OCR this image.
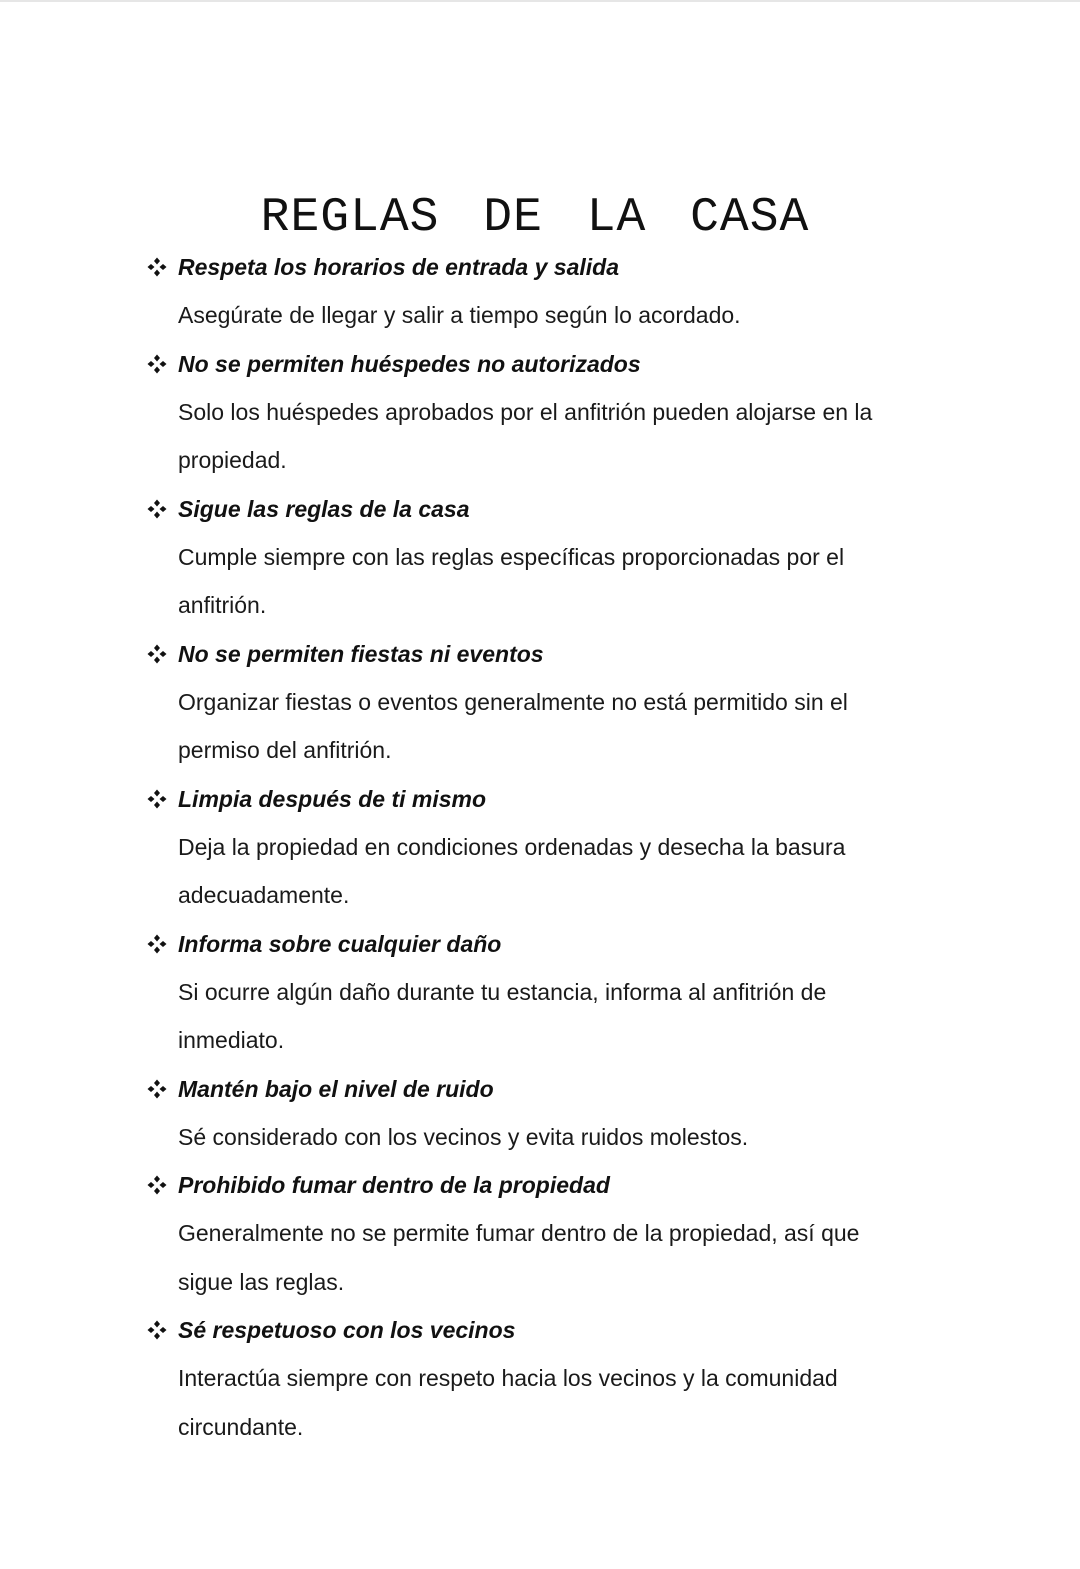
REGLAS DE LA CASA
Respeta los horarios de entrada y salida

Asegúrate de llegar y salir a tiempo según lo acordado.

No se permiten huéspedes no autorizados

Solo los huéspedes aprobados por el anfitrión pueden alojarse en la propiedad.

Sigue las reglas de la casa

Cumple siempre con las reglas específicas proporcionadas por el anfitrión.

No se permiten fiestas ni eventos

Organizar fiestas o eventos generalmente no está permitido sin el permiso del anfitrión.

Limpia después de ti mismo

Deja la propiedad en condiciones ordenadas y desecha la basura adecuadamente.

Informa sobre cualquier daño

Si ocurre algún daño durante tu estancia, informa al anfitrión de inmediato.

Mantén bajo el nivel de ruido

Sé considerado con los vecinos y evita ruidos molestos.

Prohibido fumar dentro de la propiedad

Generalmente no se permite fumar dentro de la propiedad, así que sigue las reglas.

Sé respetuoso con los vecinos

Interactúa siempre con respeto hacia los vecinos y la comunidad circundante.
